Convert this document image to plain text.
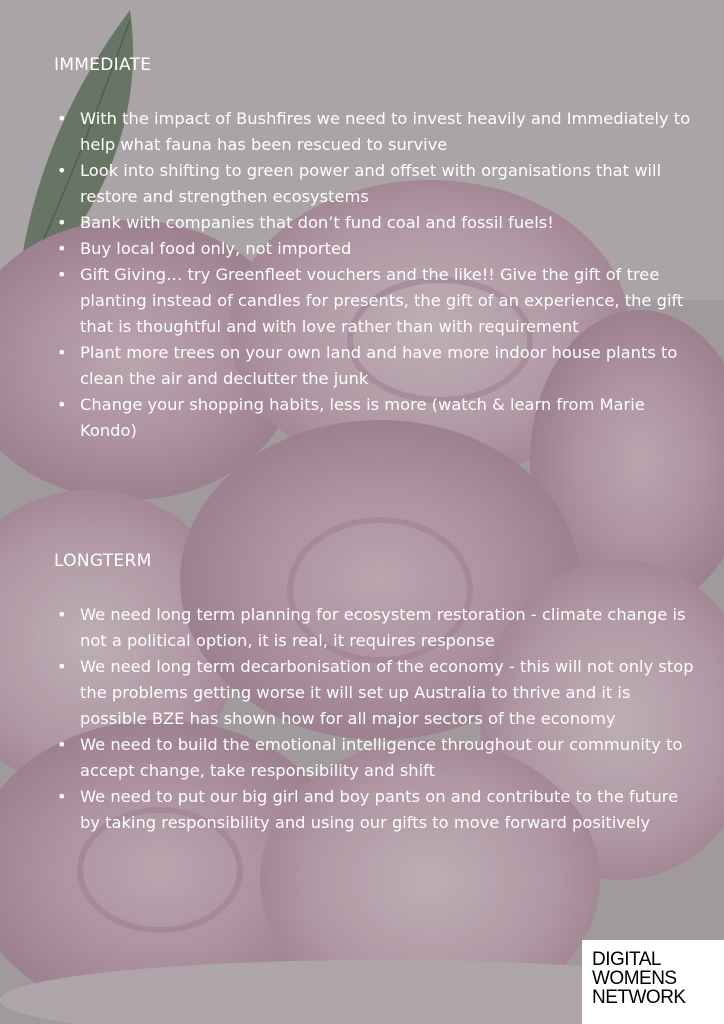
IMMEDIATE
• With the impact of Bushfires we need to invest heavily and Immediately to help what fauna has been rescued to survive
• Look into shifting to green power and offset with organisations that will restore and strengthen ecosystems
• Bank with companies that don’t fund coal and fossil fuels!
• Buy local food only, not imported
• Gift Giving… try Greenfleet vouchers and the like!! Give the gift of tree planting instead of candles for presents, the gift of an experience, the gift that is thoughtful and with love rather than with requirement
• Plant more trees on your own land and have more indoor house plants to clean the air and declutter the junk
• Change your shopping habits, less is more (watch & learn from Marie Kondo)
LONGTERM
• We need long term planning for ecosystem restoration - climate change is not a political option, it is real, it requires response
• We need long term decarbonisation of the economy - this will not only stop the problems getting worse it will set up Australia to thrive and it is possible BZE has shown how for all major sectors of the economy
• We need to build the emotional intelligence throughout our community to accept change, take responsibility and shift
• We need to put our big girl and boy pants on and contribute to the future by taking responsibility and using our gifts to move forward positively
DIGITAL
WOMENS
NETWORK
